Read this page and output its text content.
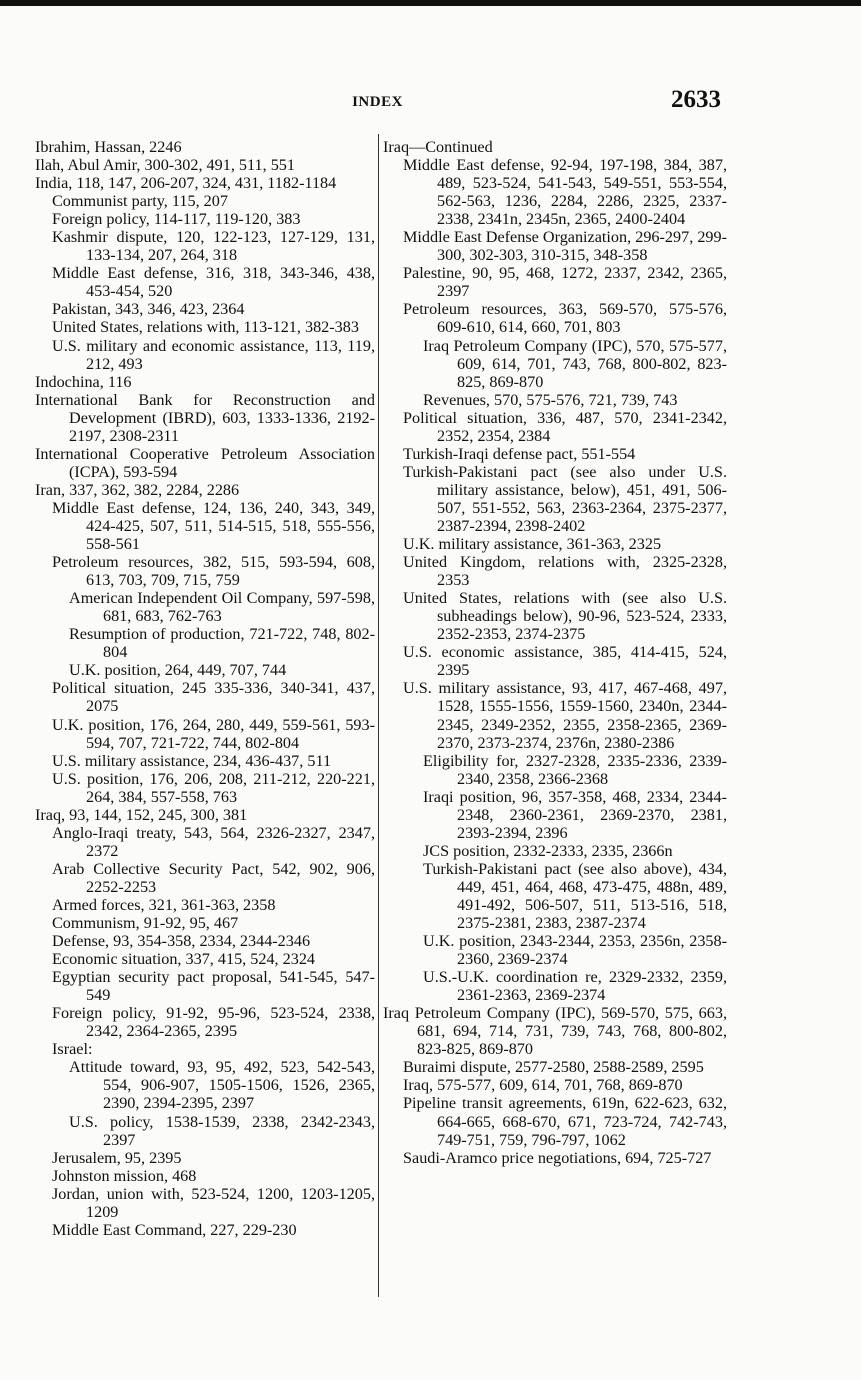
INDEX	2633
Ibrahim, Hassan, 2246
Ilah, Abul Amir, 300-302, 491, 511, 551
India, 118, 147, 206-207, 324, 431, 1182-1184
Communist party, 115, 207
Foreign policy, 114-117, 119-120, 383
Kashmir dispute, 120, 122-123, 127-129, 131, 133-134, 207, 264, 318
Middle East defense, 316, 318, 343-346, 438, 453-454, 520
Pakistan, 343, 346, 423, 2364
United States, relations with, 113-121, 382-383
U.S. military and economic assistance, 113, 119, 212, 493
Indochina, 116
International Bank for Reconstruction and Development (IBRD), 603, 1333-1336, 2192-2197, 2308-2311
International Cooperative Petroleum Association (ICPA), 593-594
Iran, 337, 362, 382, 2284, 2286
Middle East defense, 124, 136, 240, 343, 349, 424-425, 507, 511, 514-515, 518, 555-556, 558-561
Petroleum resources, 382, 515, 593-594, 608, 613, 703, 709, 715, 759
American Independent Oil Company, 597-598, 681, 683, 762-763
Resumption of production, 721-722, 748, 802-804
U.K. position, 264, 449, 707, 744
Political situation, 245 335-336, 340-341, 437, 2075
U.K. position, 176, 264, 280, 449, 559-561, 593-594, 707, 721-722, 744, 802-804
U.S. military assistance, 234, 436-437, 511
U.S. position, 176, 206, 208, 211-212, 220-221, 264, 384, 557-558, 763
Iraq, 93, 144, 152, 245, 300, 381
Anglo-Iraqi treaty, 543, 564, 2326-2327, 2347, 2372
Arab Collective Security Pact, 542, 902, 906, 2252-2253
Armed forces, 321, 361-363, 2358
Communism, 91-92, 95, 467
Defense, 93, 354-358, 2334, 2344-2346
Economic situation, 337, 415, 524, 2324
Egyptian security pact proposal, 541-545, 547-549
Foreign policy, 91-92, 95-96, 523-524, 2338, 2342, 2364-2365, 2395
Israel:
Attitude toward, 93, 95, 492, 523, 542-543, 554, 906-907, 1505-1506, 1526, 2365, 2390, 2394-2395, 2397
U.S. policy, 1538-1539, 2338, 2342-2343, 2397
Jerusalem, 95, 2395
Johnston mission, 468
Jordan, union with, 523-524, 1200, 1203-1205, 1209
Middle East Command, 227, 229-230
Iraq—Continued
Middle East defense, 92-94, 197-198, 384, 387, 489, 523-524, 541-543, 549-551, 553-554, 562-563, 1236, 2284, 2286, 2325, 2337-2338, 2341n, 2345n, 2365, 2400-2404
Middle East Defense Organization, 296-297, 299-300, 302-303, 310-315, 348-358
Palestine, 90, 95, 468, 1272, 2337, 2342, 2365, 2397
Petroleum resources, 363, 569-570, 575-576, 609-610, 614, 660, 701, 803
Iraq Petroleum Company (IPC), 570, 575-577, 609, 614, 701, 743, 768, 800-802, 823-825, 869-870
Revenues, 570, 575-576, 721, 739, 743
Political situation, 336, 487, 570, 2341-2342, 2352, 2354, 2384
Turkish-Iraqi defense pact, 551-554
Turkish-Pakistani pact (see also under U.S. military assistance, below), 451, 491, 506-507, 551-552, 563, 2363-2364, 2375-2377, 2387-2394, 2398-2402
U.K. military assistance, 361-363, 2325
United Kingdom, relations with, 2325-2328, 2353
United States, relations with (see also U.S. subheadings below), 90-96, 523-524, 2333, 2352-2353, 2374-2375
U.S. economic assistance, 385, 414-415, 524, 2395
U.S. military assistance, 93, 417, 467-468, 497, 1528, 1555-1556, 1559-1560, 2340n, 2344-2345, 2349-2352, 2355, 2358-2365, 2369-2370, 2373-2374, 2376n, 2380-2386
Eligibility for, 2327-2328, 2335-2336, 2339-2340, 2358, 2366-2368
Iraqi position, 96, 357-358, 468, 2334, 2344-2348, 2360-2361, 2369-2370, 2381, 2393-2394, 2396
JCS position, 2332-2333, 2335, 2366n
Turkish-Pakistani pact (see also above), 434, 449, 451, 464, 468, 473-475, 488n, 489, 491-492, 506-507, 511, 513-516, 518, 2375-2381, 2383, 2387-2374
U.K. position, 2343-2344, 2353, 2356n, 2358-2360, 2369-2374
U.S.-U.K. coordination re, 2329-2332, 2359, 2361-2363, 2369-2374
Iraq Petroleum Company (IPC), 569-570, 575, 663, 681, 694, 714, 731, 739, 743, 768, 800-802, 823-825, 869-870
Buraimi dispute, 2577-2580, 2588-2589, 2595
Iraq, 575-577, 609, 614, 701, 768, 869-870
Pipeline transit agreements, 619n, 622-623, 632, 664-665, 668-670, 671, 723-724, 742-743, 749-751, 759, 796-797, 1062
Saudi-Aramco price negotiations, 694, 725-727
